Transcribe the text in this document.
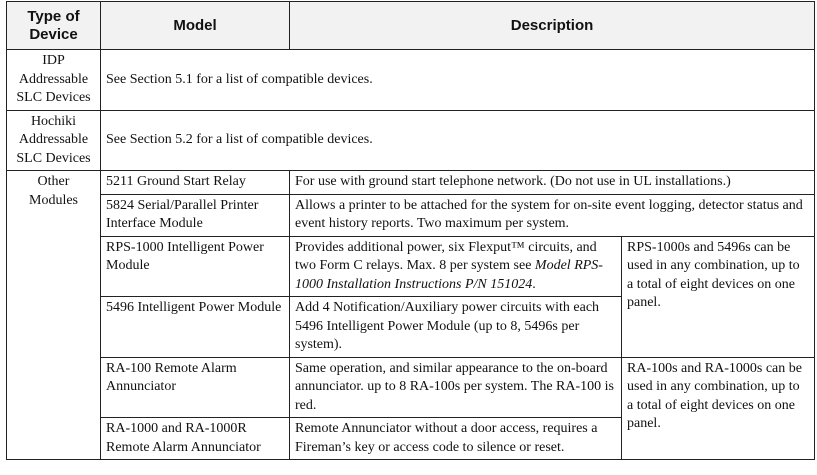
Type of
Device	Model	Description	
IDP
Addressable
SLC Devices	See Section 5.1 for a list of compatible devices.		
Hochiki
Addressable
SLC Devices	See Section 5.2 for a list of compatible devices.		
Other
Modules	5211 Ground Start Relay	For use with ground start telephone network. (Do not use in UL installations.)	
	5824 Serial/Parallel Printer Interface Module	Allows a printer to be attached for the system for on-site event logging, detector status and event history reports. Two maximum per system.	
	RPS-1000 Intelligent Power Module	Provides additional power, six Flexput™ circuits, and two Form C relays. Max. 8 per system see Model RPS-1000 Installation Instructions P/N 151024.	RPS-1000s and 5496s can be used in any combination, up to a total of eight devices on one panel.
	5496 Intelligent Power Module	Add 4 Notification/Auxiliary power circuits with each 5496 Intelligent Power Module (up to 8, 5496s per system).	
	RA-100 Remote Alarm Annunciator	Same operation, and similar appearance to the on-board annunciator. up to 8 RA-100s per system. The RA-100 is red.	RA-100s and RA-1000s can be used in any combination, up to a total of eight devices on one panel.
	RA-1000 and RA-1000R Remote Alarm Annunciator	Remote Annunciator without a door access, requires a Fireman’s key or access code to silence or reset.	
